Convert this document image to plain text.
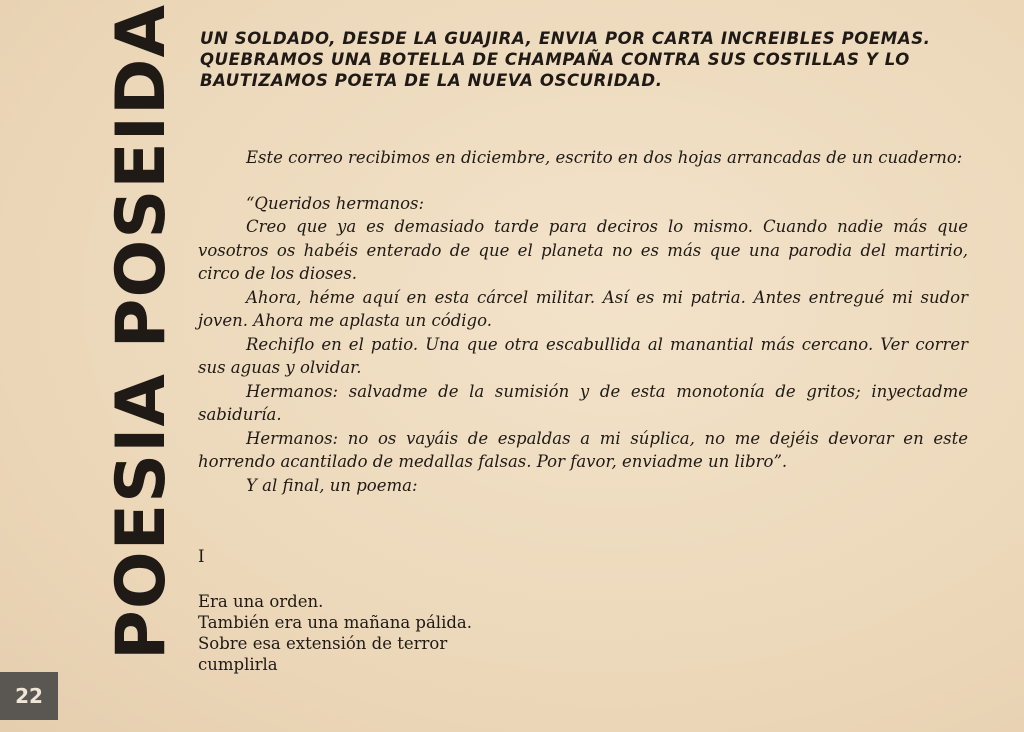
POESIA POSEIDA
22
UN SOLDADO, DESDE LA GUAJIRA, ENVIA POR CARTA INCREIBLES POEMAS.
QUEBRAMOS UNA BOTELLA DE CHAMPAÑA CONTRA SUS COSTILLAS Y LO
BAUTIZAMOS POETA DE LA NUEVA OSCURIDAD.

Este correo recibimos en diciembre, escrito en dos hojas arrancadas de un cuaderno:

“Queridos hermanos:

Creo que ya es demasiado tarde para deciros lo mismo. Cuando nadie más que vosotros os habéis enterado de que el planeta no es más que una parodia del martirio, circo de los dioses.

Ahora, héme aquí en esta cárcel militar. Así es mi patria. Antes entregué mi sudor joven. Ahora me aplasta un código.

Rechiflo en el patio. Una que otra escabullida al manantial más cercano. Ver correr sus aguas y olvidar.

Hermanos: salvadme de la sumisión y de esta monotonía de gritos; inyectadme sabiduría.

Hermanos: no os vayáis de espaldas a mi súplica, no me dejéis devorar en este horrendo acantilado de medallas falsas. Por favor, enviadme un libro”.

Y al final, un poema:

I
Era una orden.
También era una mañana pálida.
Sobre esa extensión de terror
cumplirla
